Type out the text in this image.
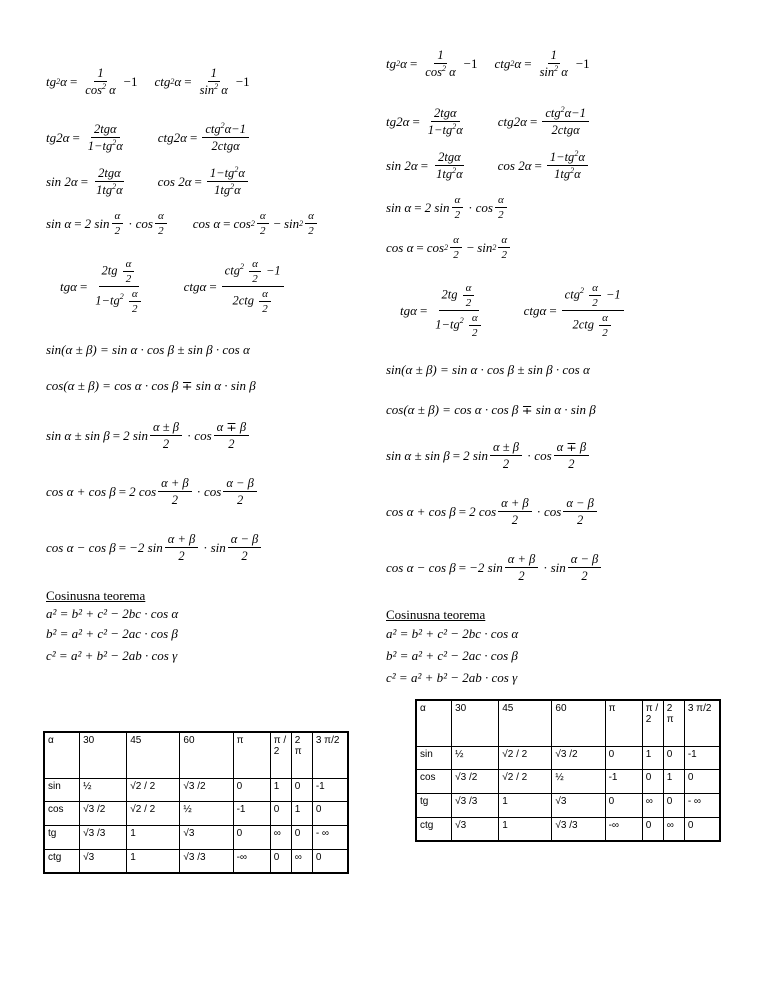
tg 2 $\alpha = \frac{1}{\cos^2 \alpha} -1$ ctg 2 $\alpha = \frac{1}{\sin^2 \alpha} -1$
$tg2\alpha = \frac{\text{2tgα}}{1-tg^2\alpha} ctg2\alpha = \frac{ctg^2\alpha-1}{\text{2ctgα}}$
$\sin 2\alpha = \frac{\text{2tgα}}{1tg^2\alpha}$ $\cos 2\alpha = \frac{1-tg^2\alpha}{1tg^2\alpha}$
sin α = 2 $\sin \frac{\alpha}{2} \cdot \cos \frac{\alpha}{2}$ $\cos \alpha = \cos 2 \frac{\alpha}{2} - \sin 2 \frac{\alpha}{2}$
$tg\alpha = \frac{2tg \frac{\alpha}{2}}{1-tg^2 \frac{\alpha}{2}}$	$ctg\alpha = \frac{ctg^2 \frac{\alpha}{2} -1}{2ctg \frac{\alpha}{2}}$
sin(α ± β) = sin α · cos β ± sin β · cos α
cos(α ± β) = cos α · cos β ∓ sin α · sin β
sin α ± sin β = 2 $\sin \frac{\alpha \pm \beta}{2} \cdot \cos \frac{\alpha \mp \beta}{2}$
cos α + cos β = 2 $\cos \frac{\alpha + \beta}{2} \cdot \cos \frac{\alpha - \beta}{2}$
cos α − cos β = −2 $\sin \frac{\alpha + \beta}{2} \cdot \sin \frac{\alpha - \beta}{2}$
Cosinusna teorema
a² = b² + c² − 2bc · cos α
b² = a² + c² − 2ac · cos β
c² = a² + b² − 2ab · cos γ
α	30	45	60	π	π / 2	2 π	3 π/2
sin	½	√2 / 2	√3 /2	0	1	0	-1
cos	√3 /2	√2 / 2	½	-1	0	1	0
tg	√3 /3	1	√3	0	∞	0	- ∞
ctg	√3	1	√3 /3	-∞	0	∞	0
tg 2 $\alpha = \frac{1}{\cos^2 \alpha} -1$ ctg 2 $\alpha = \frac{1}{\sin^2 \alpha} -1$
$tg2\alpha = \frac{\text{2tgα}}{1-tg^2\alpha} ctg2\alpha = \frac{ctg^2\alpha-1}{\text{2ctgα}}$
$\sin 2\alpha = \frac{\text{2tgα}}{1tg^2\alpha}$ $\cos 2\alpha = \frac{1-tg^2\alpha}{1tg^2\alpha}$
sin α = 2 $\sin \frac{\alpha}{2} \cdot \cos \frac{\alpha}{2}$
$\cos \alpha = \cos 2 \frac{\alpha}{2} - \sin 2 \frac{\alpha}{2}$
$tg\alpha = \frac{2tg \frac{\alpha}{2}}{1-tg^2 \frac{\alpha}{2}}$	$ctg\alpha = \frac{ctg^2 \frac{\alpha}{2} -1}{2ctg \frac{\alpha}{2}}$
sin(α ± β) = sin α · cos β ± sin β · cos α
cos(α ± β) = cos α · cos β ∓ sin α · sin β
sin α ± sin β = 2 $\sin \frac{\alpha \pm \beta}{2} \cdot \cos \frac{\alpha \mp \beta}{2}$
cos α + cos β = 2 $\cos \frac{\alpha + \beta}{2} \cdot \cos \frac{\alpha - \beta}{2}$
cos α − cos β = −2 $\sin \frac{\alpha + \beta}{2} \cdot \sin \frac{\alpha - \beta}{2}$
Cosinusna teorema
a² = b² + c² − 2bc · cos α
b² = a² + c² − 2ac · cos β
c² = a² + b² − 2ab · cos γ
α	30	45	60	π	π / 2	2 π	3 π/2
sin	½	√2 / 2	√3 /2	0	1	0	-1
cos	√3 /2	√2 / 2	½	-1	0	1	0
tg	√3 /3	1	√3	0	∞	0	- ∞
ctg	√3	1	√3 /3	-∞	0	∞	0
